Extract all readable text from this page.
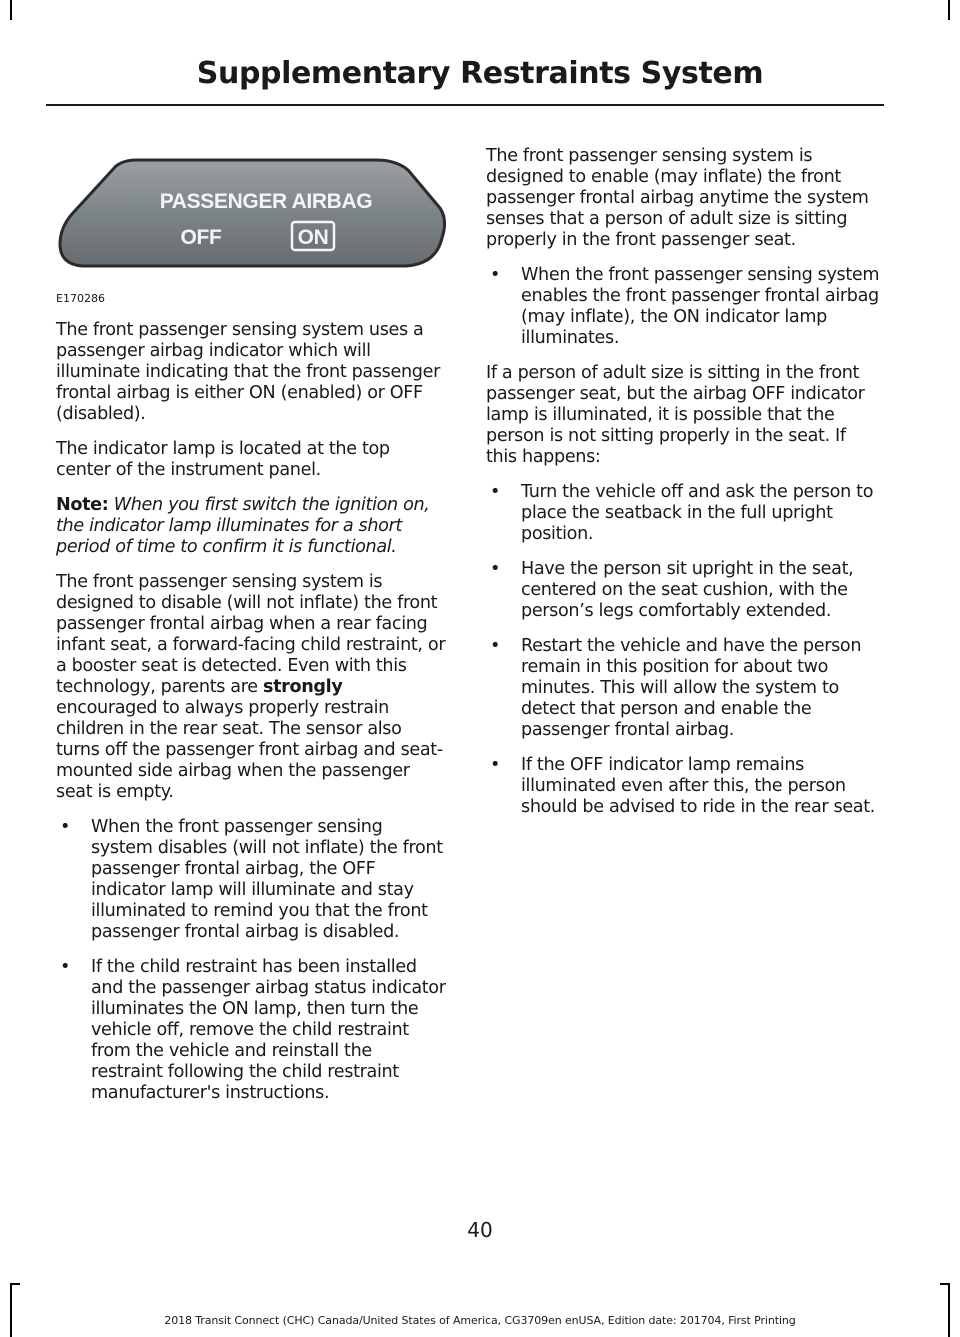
Supplementary Restraints System
PASSENGER AIRBAG
OFF	ON
E170286

The front passenger sensing system uses a passenger airbag indicator which will illuminate indicating that the front passenger frontal airbag is either ON (enabled) or OFF (disabled).

The indicator lamp is located at the top center of the instrument panel.

Note: When you first switch the ignition on, the indicator lamp illuminates for a short period of time to confirm it is functional.

The front passenger sensing system is designed to disable (will not inflate) the front passenger frontal airbag when a rear facing infant seat, a forward-facing child restraint, or a booster seat is detected. Even with this technology, parents are strongly encouraged to always properly restrain children in the rear seat. The sensor also turns off the passenger front airbag and seat-mounted side airbag when the passenger seat is empty.

• When the front passenger sensing system disables (will not inflate) the front passenger frontal airbag, the OFF indicator lamp will illuminate and stay illuminated to remind you that the front passenger frontal airbag is disabled.
• If the child restraint has been installed and the passenger airbag status indicator illuminates the ON lamp, then turn the vehicle off, remove the child restraint from the vehicle and reinstall the restraint following the child restraint manufacturer's instructions.

The front passenger sensing system is designed to enable (may inflate) the front passenger frontal airbag anytime the system senses that a person of adult size is sitting properly in the front passenger seat.

• When the front passenger sensing system enables the front passenger frontal airbag (may inflate), the ON indicator lamp illuminates.

If a person of adult size is sitting in the front passenger seat, but the airbag OFF indicator lamp is illuminated, it is possible that the person is not sitting properly in the seat. If this happens:

• Turn the vehicle off and ask the person to place the seatback in the full upright position.
• Have the person sit upright in the seat, centered on the seat cushion, with the person’s legs comfortably extended.
• Restart the vehicle and have the person remain in this position for about two minutes. This will allow the system to detect that person and enable the passenger frontal airbag.
• If the OFF indicator lamp remains illuminated even after this, the person should be advised to ride in the rear seat.
40
2018 Transit Connect (CHC) Canada/United States of America, CG3709en enUSA, Edition date: 201704, First Printing
